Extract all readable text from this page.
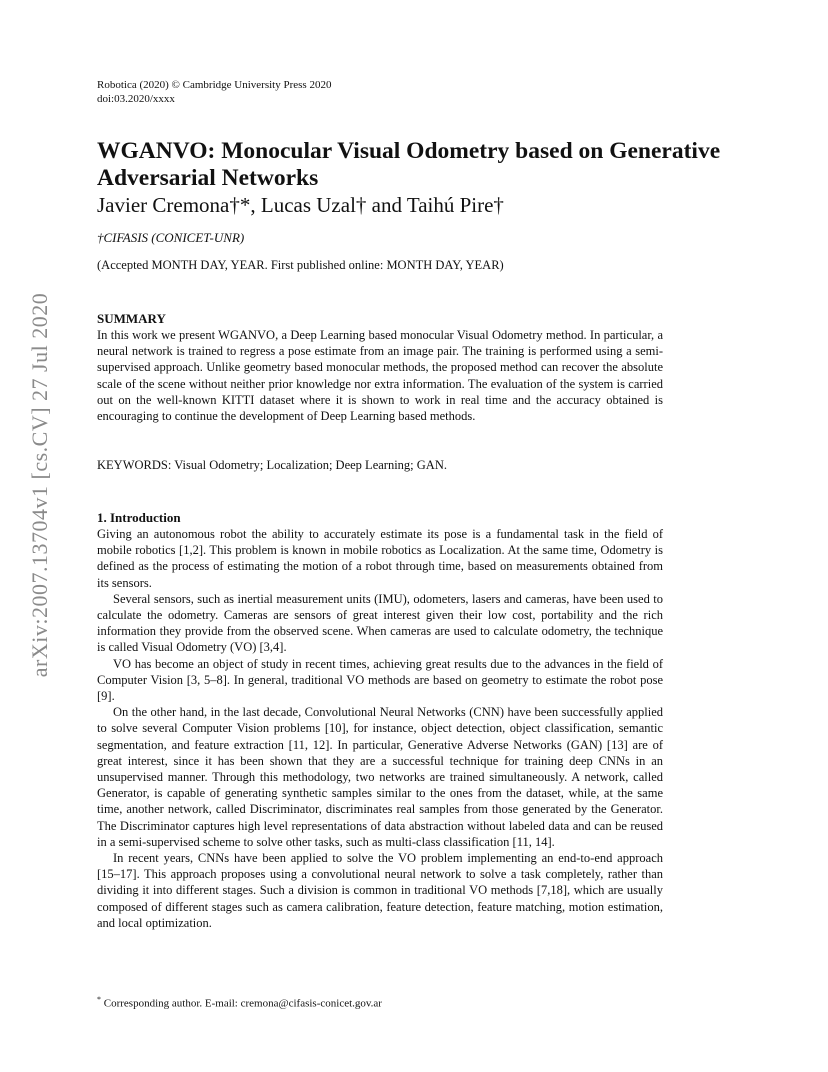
arXiv:2007.13704v1 [cs.CV] 27 Jul 2020
Robotica (2020) © Cambridge University Press 2020
doi:03.2020/xxxx
WGANVO: Monocular Visual Odometry based on Generative Adversarial Networks
Javier Cremona†*, Lucas Uzal† and Taihú Pire†
†CIFASIS (CONICET-UNR)
(Accepted MONTH DAY, YEAR. First published online: MONTH DAY, YEAR)
SUMMARY

In this work we present WGANVO, a Deep Learning based monocular Visual Odometry method. In particular, a neural network is trained to regress a pose estimate from an image pair. The training is performed using a semi-supervised approach. Unlike geometry based monocular methods, the proposed method can recover the absolute scale of the scene without neither prior knowledge nor extra information. The evaluation of the system is carried out on the well-known KITTI dataset where it is shown to work in real time and the accuracy obtained is encouraging to continue the development of Deep Learning based methods.

KEYWORDS: Visual Odometry; Localization; Deep Learning; GAN.
1. Introduction

Giving an autonomous robot the ability to accurately estimate its pose is a fundamental task in the field of mobile robotics [1,2]. This problem is known in mobile robotics as Localization. At the same time, Odometry is defined as the process of estimating the motion of a robot through time, based on measurements obtained from its sensors.

Several sensors, such as inertial measurement units (IMU), odometers, lasers and cameras, have been used to calculate the odometry. Cameras are sensors of great interest given their low cost, portability and the rich information they provide from the observed scene. When cameras are used to calculate odometry, the technique is called Visual Odometry (VO) [3,4].

VO has become an object of study in recent times, achieving great results due to the advances in the field of Computer Vision [3, 5–8]. In general, traditional VO methods are based on geometry to estimate the robot pose [9].

On the other hand, in the last decade, Convolutional Neural Networks (CNN) have been successfully applied to solve several Computer Vision problems [10], for instance, object detection, object classification, semantic segmentation, and feature extraction [11, 12]. In particular, Generative Adverse Networks (GAN) [13] are of great interest, since it has been shown that they are a successful technique for training deep CNNs in an unsupervised manner. Through this methodology, two networks are trained simultaneously. A network, called Generator, is capable of generating synthetic samples similar to the ones from the dataset, while, at the same time, another network, called Discriminator, discriminates real samples from those generated by the Generator. The Discriminator captures high level representations of data abstraction without labeled data and can be reused in a semi-supervised scheme to solve other tasks, such as multi-class classification [11, 14].

In recent years, CNNs have been applied to solve the VO problem implementing an end-to-end approach [15–17]. This approach proposes using a convolutional neural network to solve a task completely, rather than dividing it into different stages. Such a division is common in traditional VO methods [7,18], which are usually composed of different stages such as camera calibration, feature detection, feature matching, motion estimation, and local optimization.

* Corresponding author. E-mail: cremona@cifasis-conicet.gov.ar
